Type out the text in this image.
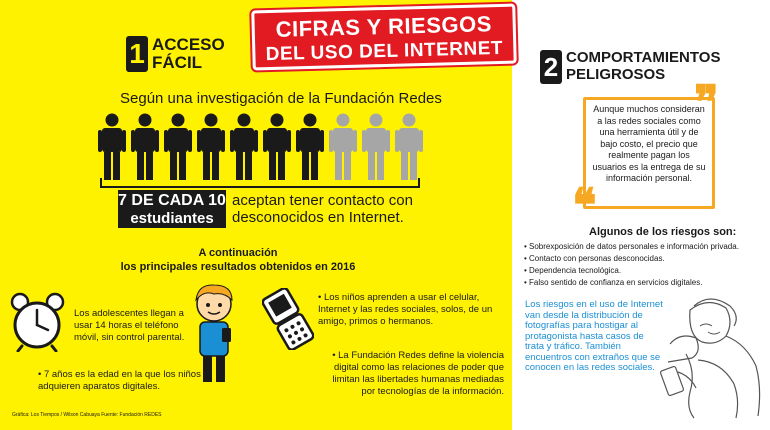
CIFRAS Y RIESGOS
DEL USO DEL INTERNET
1 ACCESO
FÁCIL
Según una investigación de la Fundación Redes
7 DE CADA 10
estudiantes
aceptan tener contacto con desconocidos en Internet.
A continuación
los principales resultados obtenidos en 2016
Los adolescentes llegan a usar 14 horas el teléfono móvil, sin control parental.
• 7 años es la edad en la que los niños adquieren aparatos digitales.
• Los niños aprenden a usar el celular, Internet y las redes sociales, solos, de un amigo, primos o hermanos.
• La Fundación Redes define la violencia digital como las relaciones de poder que limitan las libertades humanas mediadas por tecnologías de la información.
Gráfica: Los Tiempos / Wilson Cabuaya Fuente: Fundación REDES
2 COMPORTAMIENTOS
PELIGROSOS
Aunque muchos consideran a las redes sociales como una herramienta útil y de bajo costo, el precio que realmente pagan los usuarios es la entrega de su información personal.
❝
❞
Algunos de los riesgos son:
• Sobrexposición de datos personales e información privada.
• Contacto con personas desconocidas.
• Dependencia tecnológica.
• Falso sentido de confianza en servicios digitales.
Los riesgos en el uso de Internet van desde la distribución de fotografías para hostigar al protagonista hasta casos de trata y tráfico. También encuentros con extraños que se conocen en las redes sociales.
